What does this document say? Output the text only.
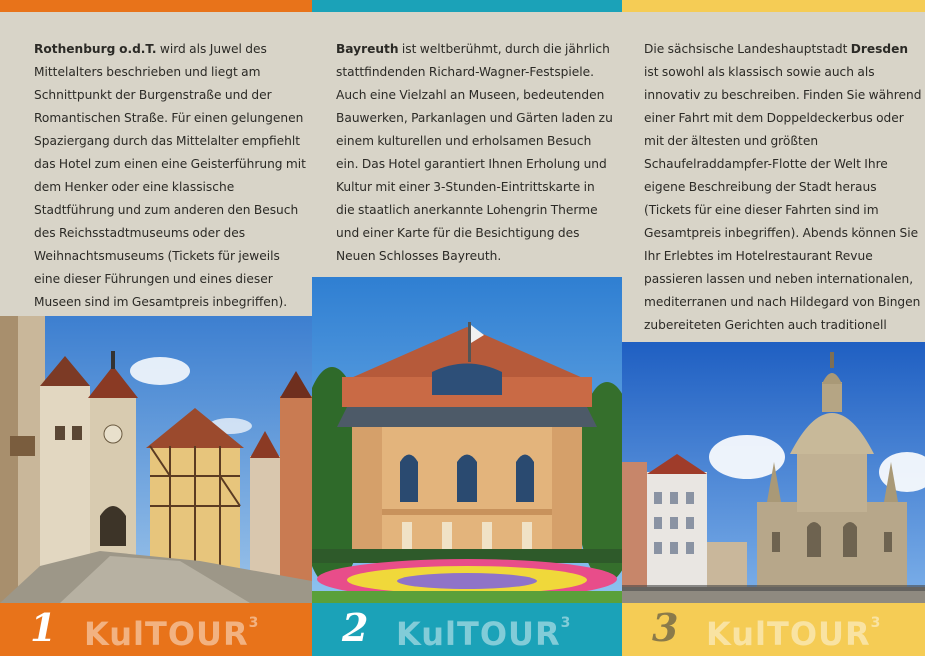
Rothenburg o.d.T. wird als Juwel des Mittelalters beschrieben und liegt am Schnittpunkt der Burgenstraße und der Romantischen Straße. Für einen gelungenen Spaziergang durch das Mittelalter empfiehlt das Hotel zum einen eine Geisterführung mit dem Henker oder eine klassische Stadtführung und zum anderen den Besuch des Reichsstadtmuseums oder des Weihnachtsmuseums (Tickets für jeweils eine dieser Führungen und eines dieser Museen sind im Gesamtpreis inbegriffen).
1 KulTOUR$^3$
Bayreuth ist weltberühmt, durch die jährlich stattfindenden Richard-Wagner-Festspiele. Auch eine Vielzahl an Museen, bedeutenden Bauwerken, Parkanlagen und Gärten laden zu einem kulturellen und erholsamen Besuch ein. Das Hotel garantiert Ihnen Erholung und Kultur mit einer 3-Stunden-Eintrittskarte in die staatlich anerkannte Lohengrin Therme und einer Karte für die Besichtigung des Neuen Schlosses Bayreuth.
2 KulTOUR$^3$
Die sächsische Landeshauptstadt Dresden ist sowohl als klassisch sowie auch als innovativ zu beschreiben. Finden Sie während einer Fahrt mit dem Doppeldeckerbus oder mit der ältesten und größten Schaufelraddampfer-Flotte der Welt Ihre eigene Beschreibung der Stadt heraus (Tickets für eine dieser Fahrten sind im Gesamtpreis inbegriffen). Abends können Sie Ihr Erlebtes im Hotelrestaurant Revue passieren lassen und neben internationalen, mediterranen und nach Hildegard von Bingen zubereiteten Gerichten auch traditionell
3 KulTOUR$^3$
